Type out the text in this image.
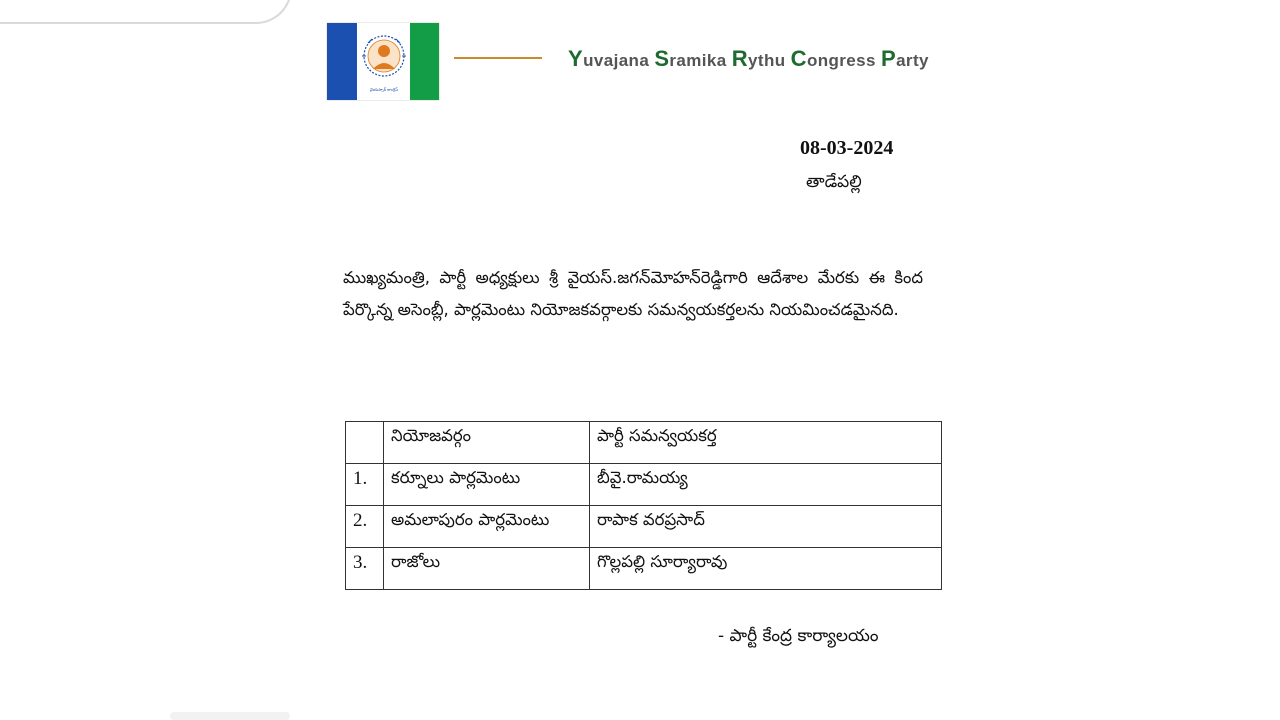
వైయస్సార్ కాంగ్రెస్
Yuvajana Sramika Rythu Congress Party
08-03-2024
తాడేపల్లి
ముఖ్యమంత్రి, పార్టీ అధ్యక్షులు శ్రీ వైయస్.జగన్‌మోహన్‌రెడ్డిగారి ఆదేశాల మేరకు ఈ కింద పేర్కొన్న అసెంబ్లీ, పార్లమెంటు నియోజకవర్గాలకు సమన్వయకర్తలను నియమించడమైనది.
	నియోజవర్గం	పార్టీ సమన్వయకర్త
1.	కర్నూలు పార్లమెంటు	బీవై.రామయ్య
2.	అమలాపురం పార్లమెంటు	రాపాక వరప్రసాద్
3.	రాజోలు	గొల్లపల్లి సూర్యారావు
- పార్టీ కేంద్ర కార్యాలయం
